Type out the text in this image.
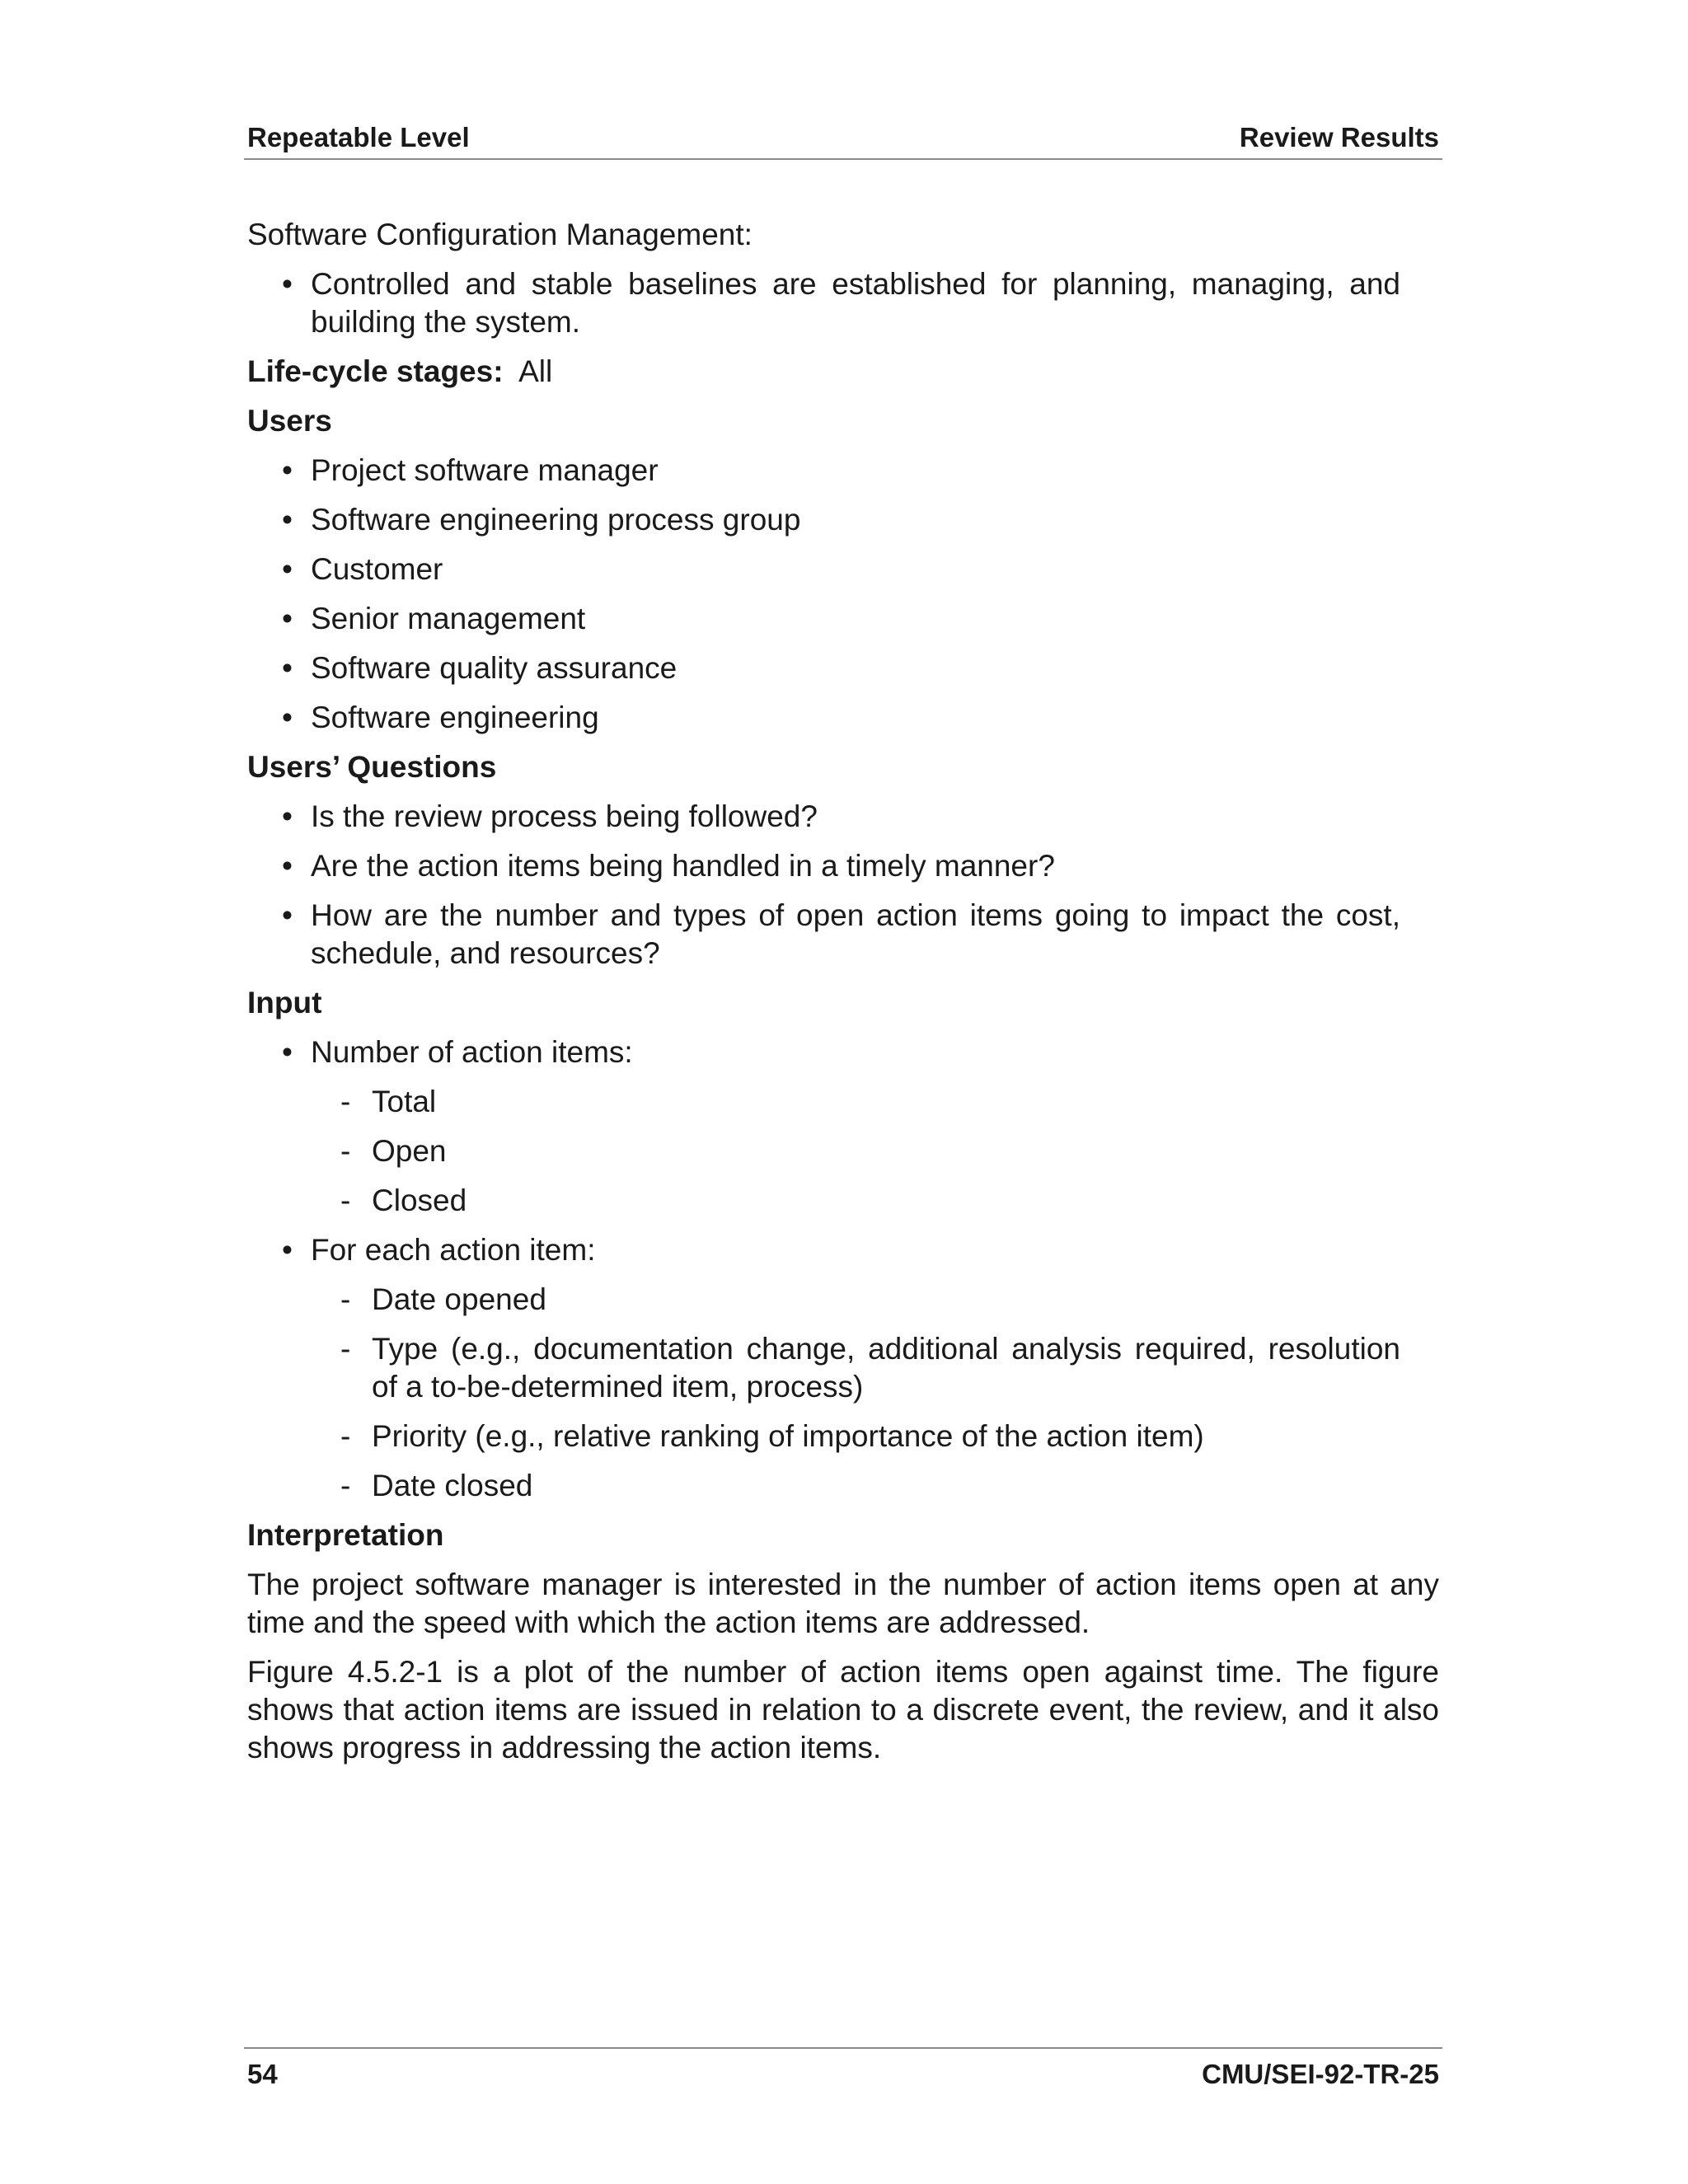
Repeatable Level	Review Results

Software Configuration Management:

• Controlled and stable baselines are established for planning, managing, and building the system.

Life-cycle stages: All

Users

• Project software manager
• Software engineering process group
• Customer
• Senior management
• Software quality assurance
• Software engineering

Users’ Questions

• Is the review process being followed?
• Are the action items being handled in a timely manner?
• How are the number and types of open action items going to impact the cost, schedule, and resources?

Input

• Number of action items:
- Total
- Open
- Closed
• For each action item:
- Date opened
- Type (e.g., documentation change, additional analysis required, resolution of a to-be-determined item, process)
- Priority (e.g., relative ranking of importance of the action item)
- Date closed

Interpretation

The project software manager is interested in the number of action items open at any time and the speed with which the action items are addressed.

Figure 4.5.2-1 is a plot of the number of action items open against time. The figure shows that action items are issued in relation to a discrete event, the review, and it also shows progress in addressing the action items.

54	CMU/SEI-92-TR-25
